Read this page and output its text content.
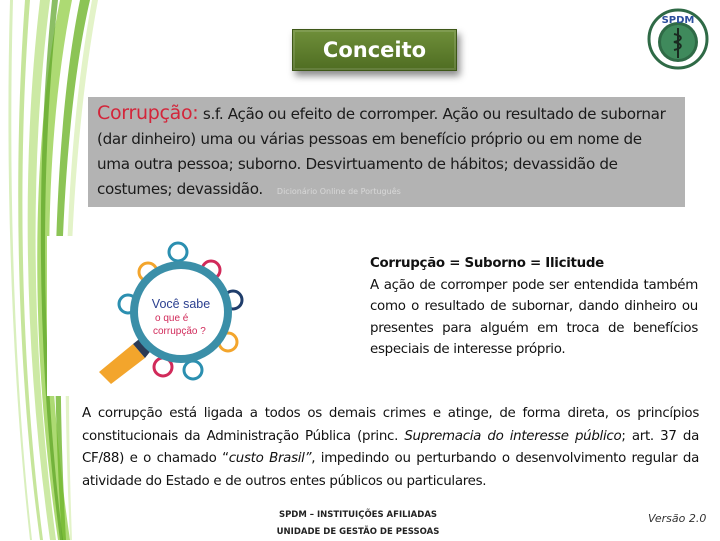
Conceito
SPDM
Corrupção: s.f. Ação ou efeito de corromper. Ação ou resultado de subornar (dar dinheiro) uma ou várias pessoas em benefício próprio ou em nome de uma outra pessoa; suborno. Desvirtuamento de hábitos; devassidão de costumes; devassidão. Dicionário Online de Português
Você sabe
o que é
corrupção ?
Corrupção = Suborno = Ilicitude
A ação de corromper pode ser entendida também como o resultado de subornar, dando dinheiro ou presentes para alguém em troca de benefícios especiais de interesse próprio.
A corrupção está ligada a todos os demais crimes e atinge, de forma direta, os princípios constitucionais da Administração Pública (princ. Supremacia do interesse público; art. 37 da CF/88) e o chamado “custo Brasil”, impedindo ou perturbando o desenvolvimento regular da atividade do Estado e de outros entes públicos ou particulares.
SPDM – INSTITUIÇÕES AFILIADAS
UNIDADE DE GESTÃO DE PESSOAS
Versão 2.0
